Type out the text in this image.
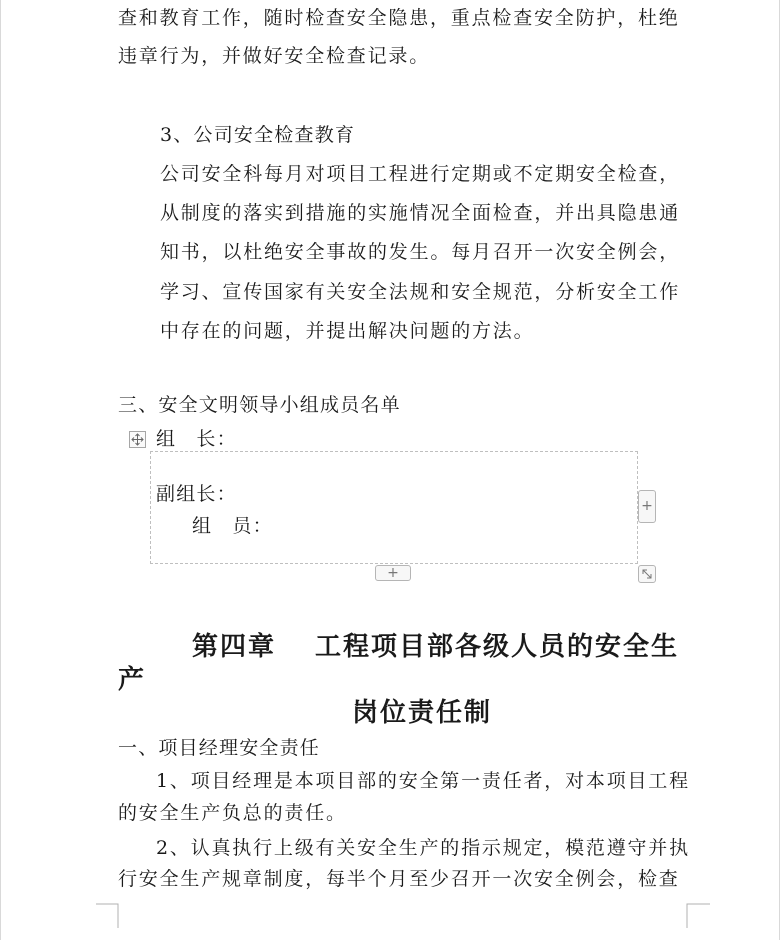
查和教育工作，随时检查安全隐患，重点检查安全防护，杜绝
违章行为，并做好安全检查记录。
3、公司安全检查教育
公司安全科每月对项目工程进行定期或不定期安全检查，
从制度的落实到措施的实施情况全面检查，并出具隐患通
知书，以杜绝安全事故的发生。每月召开一次安全例会，
学习、宣传国家有关安全法规和安全规范，分析安全工作
中存在的问题，并提出解决问题的方法。
三、安全文明领导小组成员名单
组　长：
副组长：
组　员：
+
+
第四章　 工程项目部各级人员的安全生
产
岗位责任制
一、项目经理安全责任
1、项目经理是本项目部的安全第一责任者，对本项目工程
的安全生产负总的责任。
2、认真执行上级有关安全生产的指示规定，模范遵守并执
行安全生产规章制度，每半个月至少召开一次安全例会，检查
